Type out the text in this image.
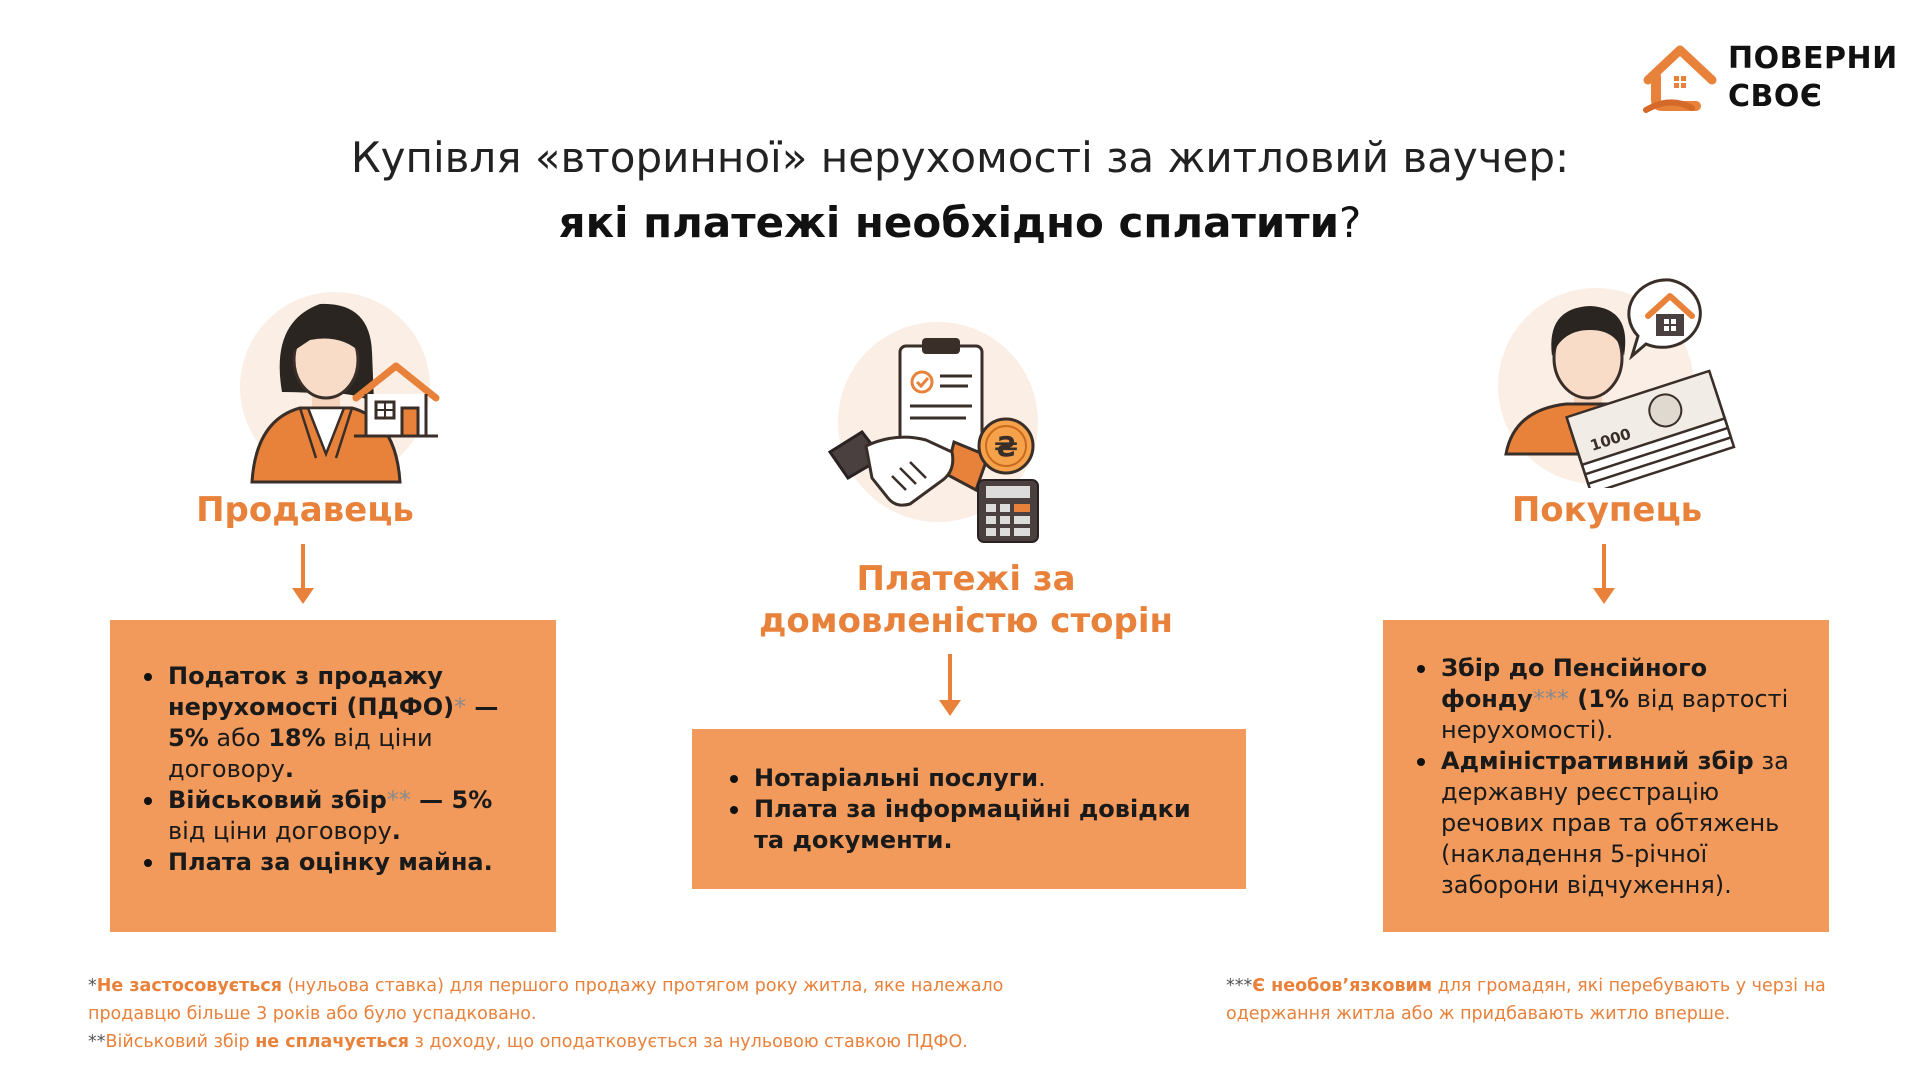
ПОВЕРНИ
СВОЄ
Купівля «вторинної» нерухомості за житловий ваучер:
які платежі необхідно сплатити?
Продавець
Податок з продажу нерухомості (ПДФО)* — 5% або 18% від ціни договору.
Військовий збір** — 5% від ціни договору.
Плата за оцінку майна.
₴
Платежі за
домовленістю сторін
Нотаріальні послуги.
Плата за інформаційні довідки та документи.
1000
Покупець
Збір до Пенсійного фонду*** (1% від вартості нерухомості).
Адміністративний збір за державну реєстрацію речових прав та обтяжень (накладення 5-річної заборони відчуження).
*Не застосовується (нульова ставка) для першого продажу протягом року житла, яке належало
продавцю більше 3 років або було успадковано.
**Військовий збір не сплачується з доходу, що оподатковується за нульовою ставкою ПДФО.
***Є необов’язковим для громадян, які перебувають у черзі на
одержання житла або ж придбавають житло вперше.
